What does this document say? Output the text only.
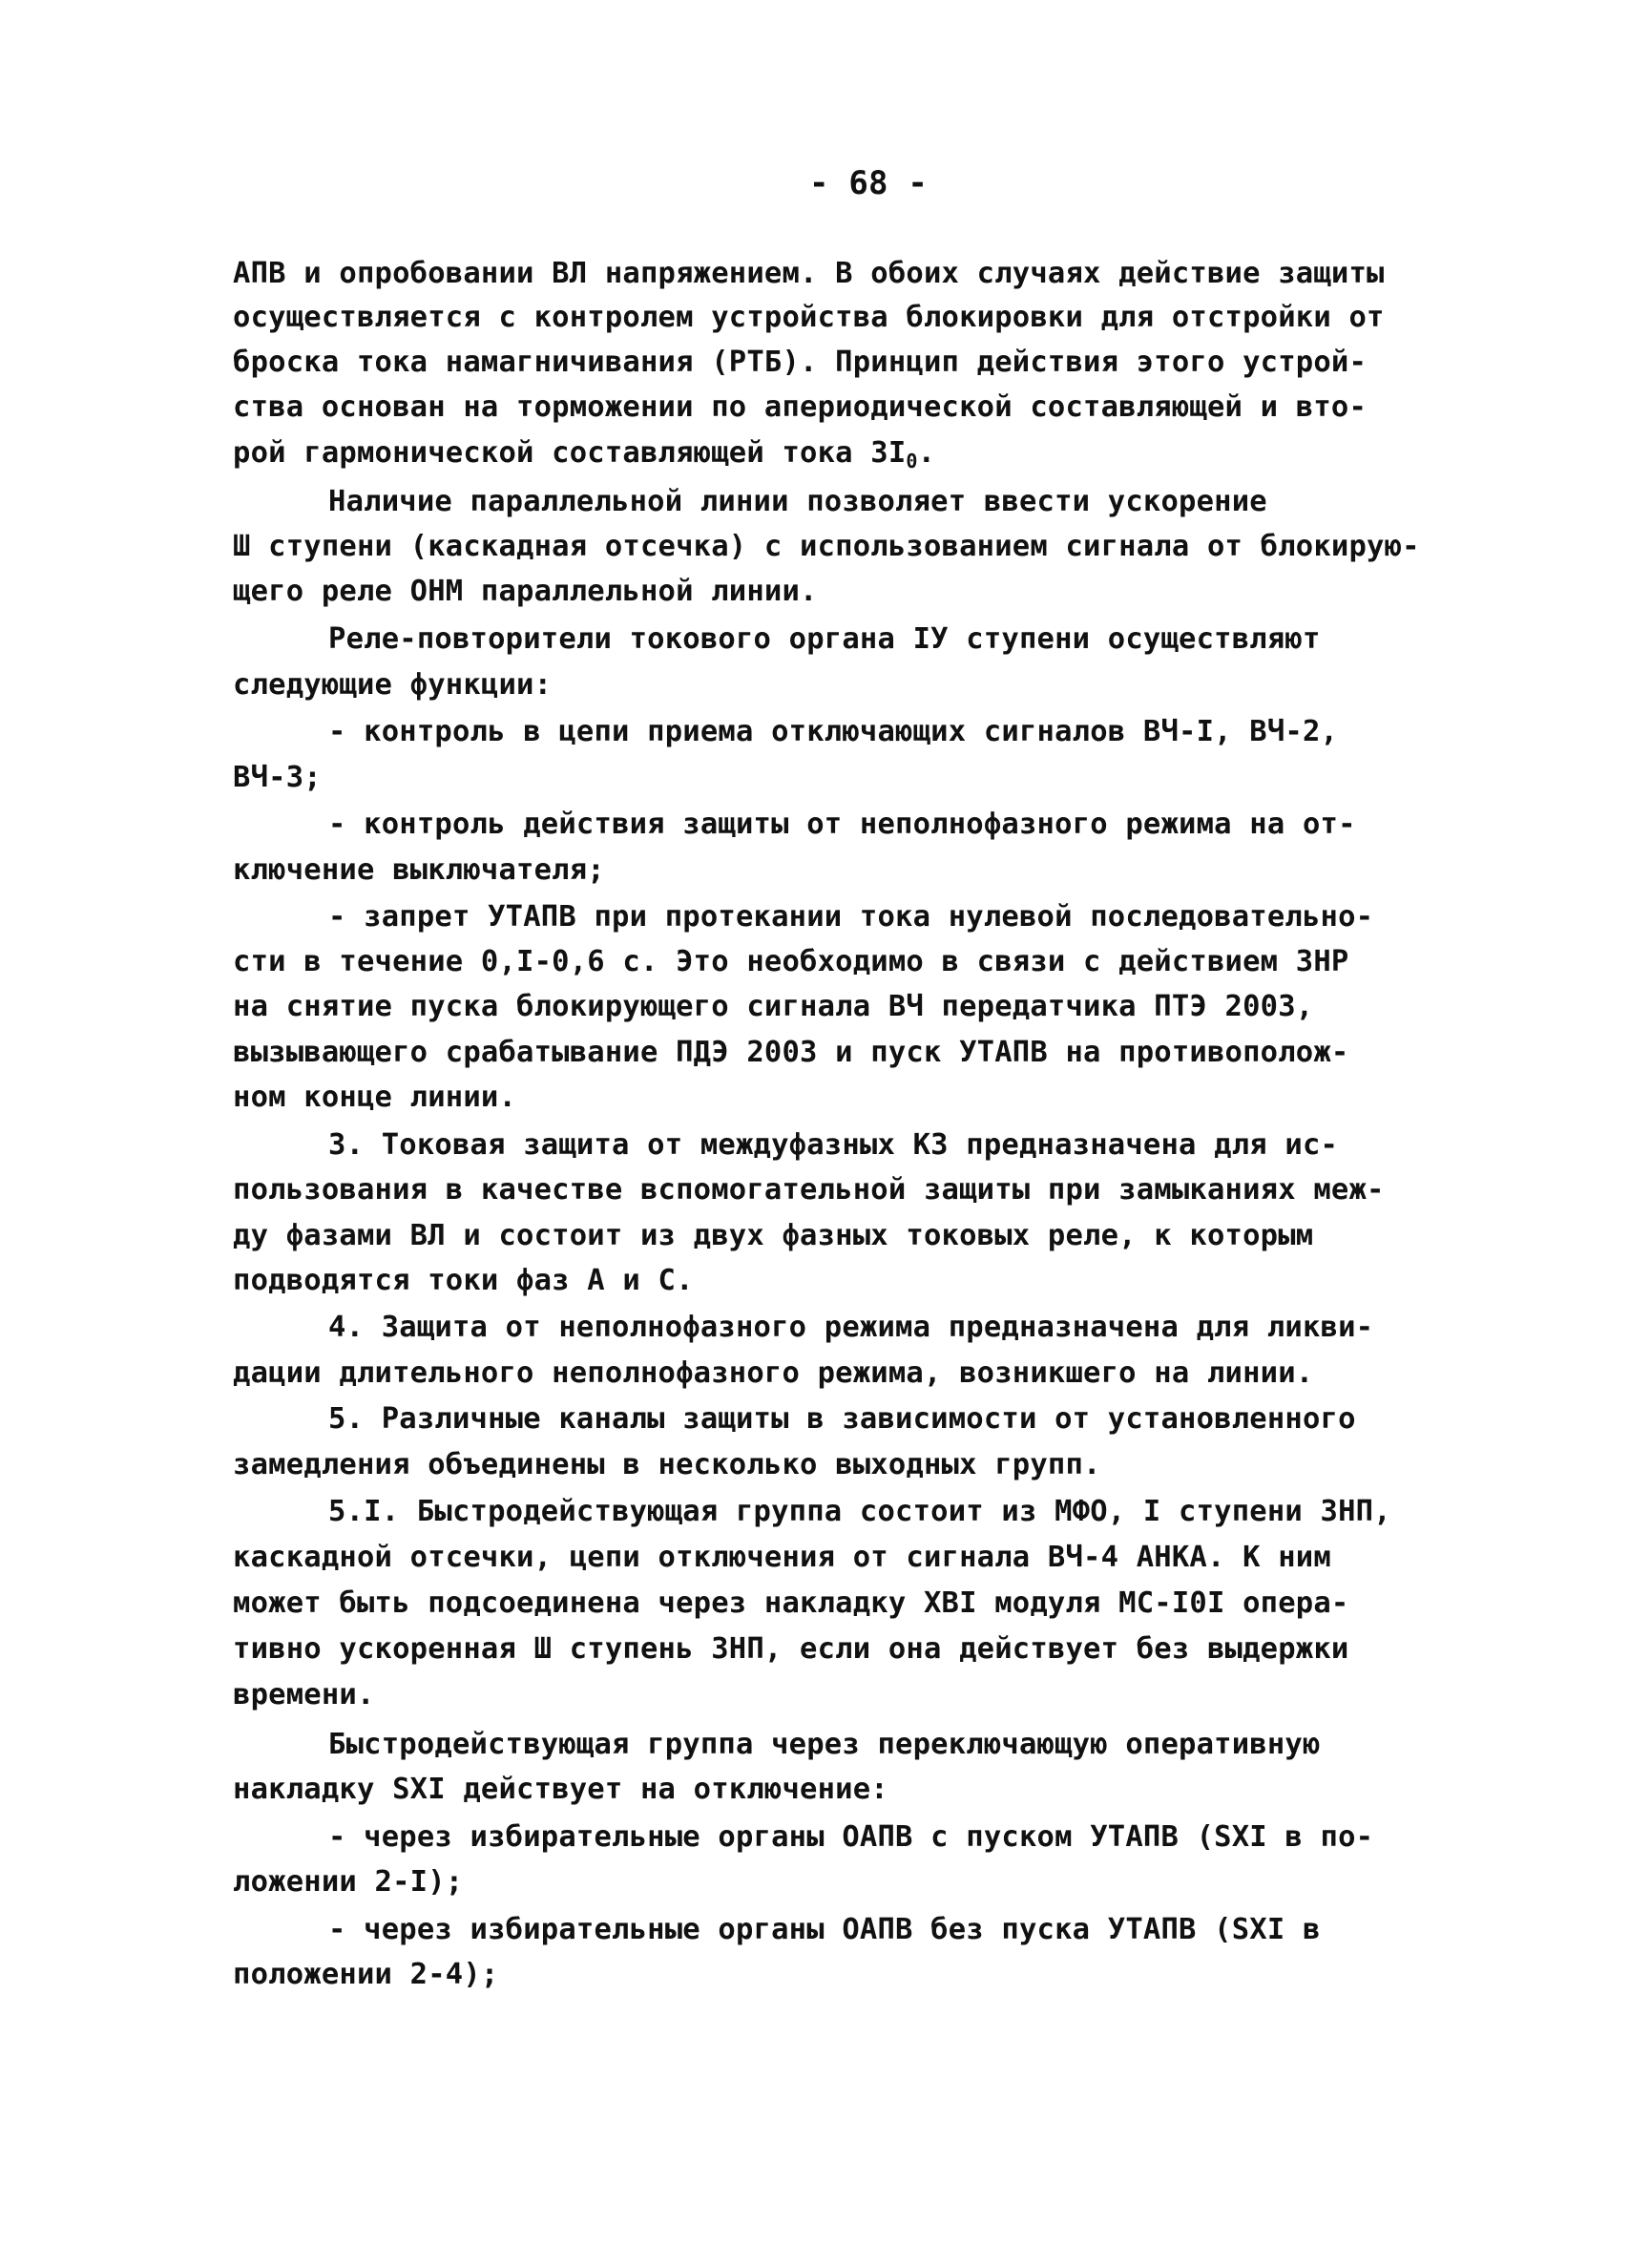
- 68 -
АПВ и опробовании ВЛ напряжением. В обоих случаях действие защиты
осуществляется с контролем устройства блокировки для отстройки от
броска тока намагничивания (РТБ). Принцип действия этого устрой-
ства основан на торможении по апериодической составляющей и вто-
рой гармонической составляющей тока $3I_0$.
Наличие параллельной линии позволяет ввести ускорение
Ш ступени (каскадная отсечка) с использованием сигнала от блокирую-
щего реле ОНМ параллельной линии.
Реле-повторители токового органа IУ ступени осуществляют
следующие функции:
- контроль в цепи приема отключающих сигналов ВЧ-I, ВЧ-2,
ВЧ-3;
- контроль действия защиты от неполнофазного режима на от-
ключение выключателя;
- запрет УТАПВ при протекании тока нулевой последовательно-
сти в течение 0,I-0,6 с. Это необходимо в связи с действием ЗНР
на снятие пуска блокирующего сигнала ВЧ передатчика ПТЭ 2003,
вызывающего срабатывание ПДЭ 2003 и пуск УТАПВ на противополож-
ном конце линии.
3. Токовая защита от междуфазных КЗ предназначена для ис-
пользования в качестве вспомогательной защиты при замыканиях меж-
ду фазами ВЛ и состоит из двух фазных токовых реле, к которым
подводятся токи фаз А и С.
4. Защита от неполнофазного режима предназначена для ликви-
дации длительного неполнофазного режима, возникшего на линии.
5. Различные каналы защиты в зависимости от установленного
замедления объединены в несколько выходных групп.
5.I. Быстродействующая группа состоит из МФО, I ступени ЗНП,
каскадной отсечки, цепи отключения от сигнала ВЧ-4 АНКА. К ним
может быть подсоединена через накладку ХВI модуля МС-I0I опера-
тивно ускоренная Ш ступень ЗНП, если она действует без выдержки
времени.
Быстродействующая группа через переключающую оперативную
накладку SXI действует на отключение:
- через избирательные органы ОАПВ с пуском УТАПВ (SXI в по-
ложении 2-I);
- через избирательные органы ОАПВ без пуска УТАПВ (SXI в
положении 2-4);
